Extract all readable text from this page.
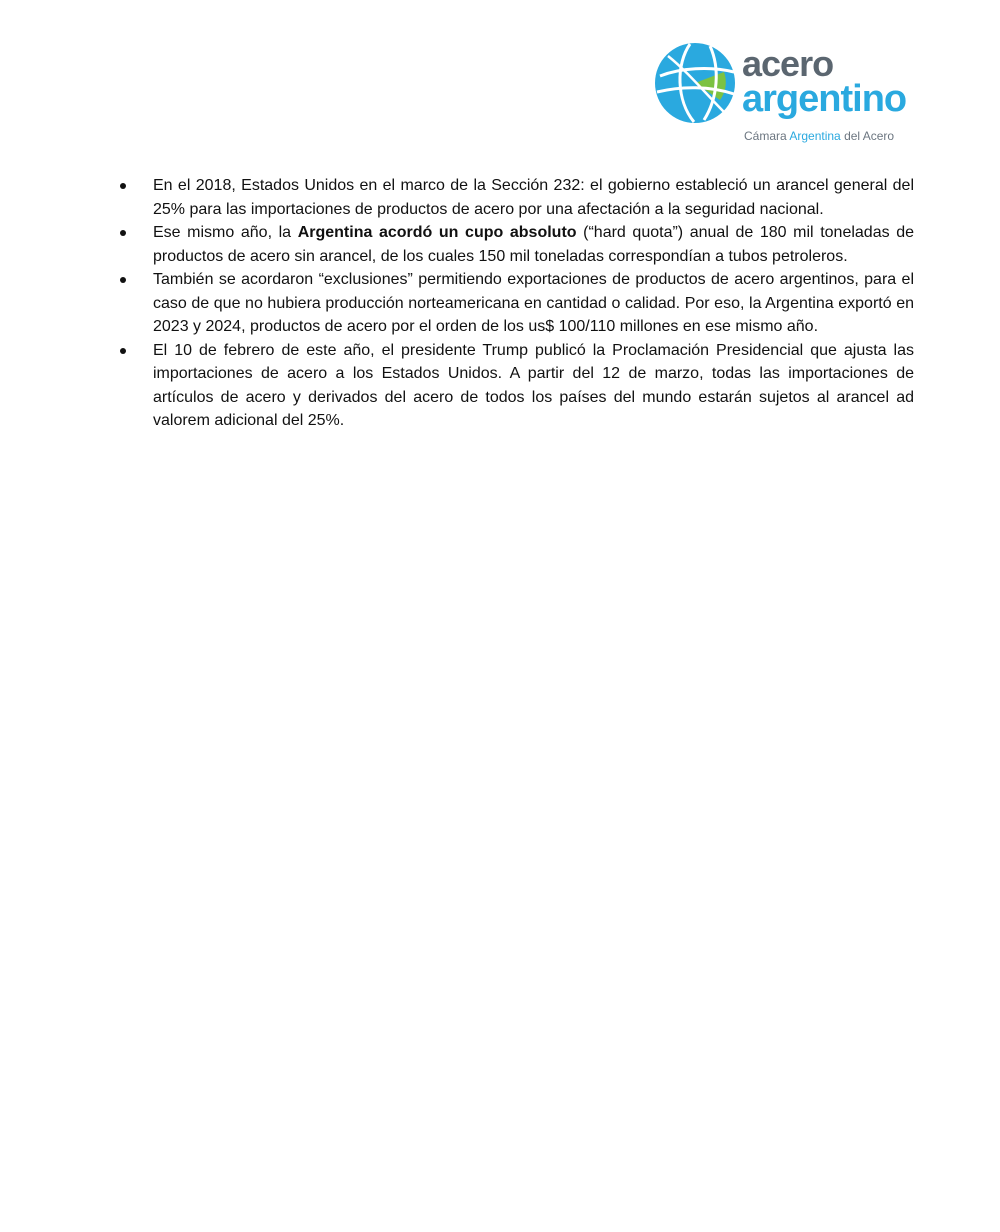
acero
argentino
Cámara Argentina del Acero
En el 2018, Estados Unidos en el marco de la Sección 232: el gobierno estableció un arancel general del 25% para las importaciones de productos de acero por una afectación a la seguridad nacional.
Ese mismo año, la Argentina acordó un cupo absoluto (“hard quota”) anual de 180 mil toneladas de productos de acero sin arancel, de los cuales 150 mil toneladas correspondían a tubos petroleros.
También se acordaron “exclusiones” permitiendo exportaciones de productos de acero argentinos, para el caso de que no hubiera producción norteamericana en cantidad o calidad. Por eso, la Argentina exportó en 2023 y 2024, productos de acero por el orden de los us$ 100/110 millones en ese mismo año.
El 10 de febrero de este año, el presidente Trump publicó la Proclamación Presidencial que ajusta las importaciones de acero a los Estados Unidos. A partir del 12 de marzo, todas las importaciones de artículos de acero y derivados del acero de todos los países del mundo estarán sujetos al arancel ad valorem adicional del 25%.
